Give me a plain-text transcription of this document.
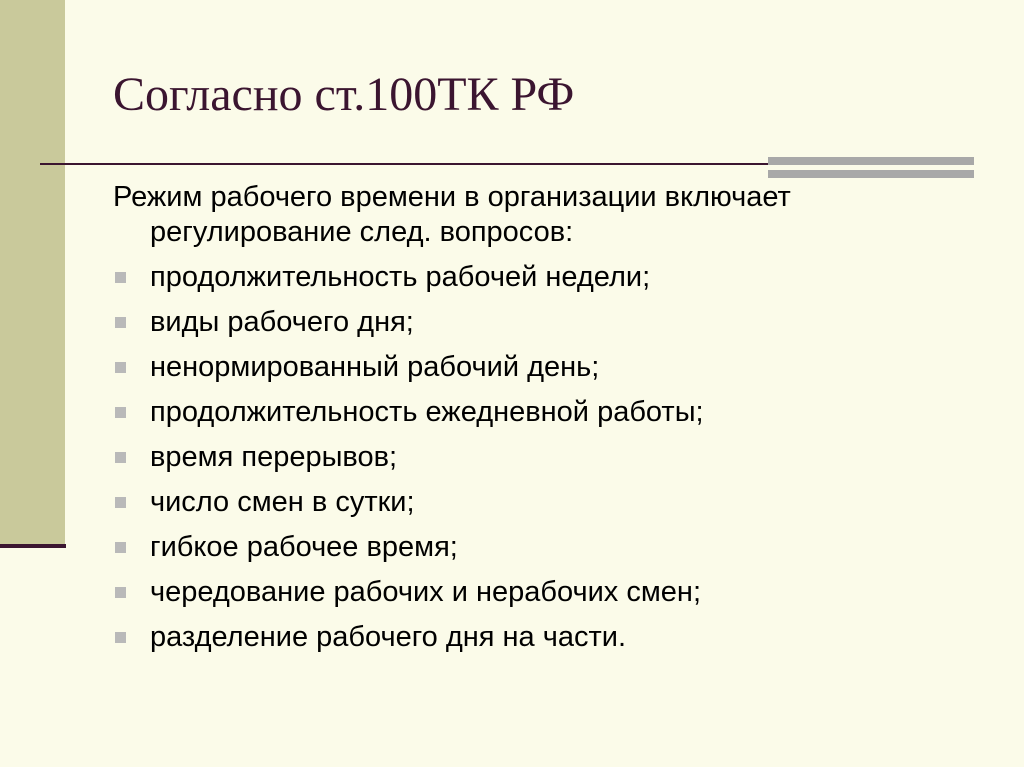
Согласно ст.100ТК РФ

Режим рабочего времени в организации включает
регулирование след. вопросов:

продолжительность рабочей недели;
виды рабочего дня;
ненормированный рабочий день;
продолжительность ежедневной работы;
время перерывов;
число смен в сутки;
гибкое рабочее время;
чередование рабочих и нерабочих смен;
разделение рабочего дня на части.
